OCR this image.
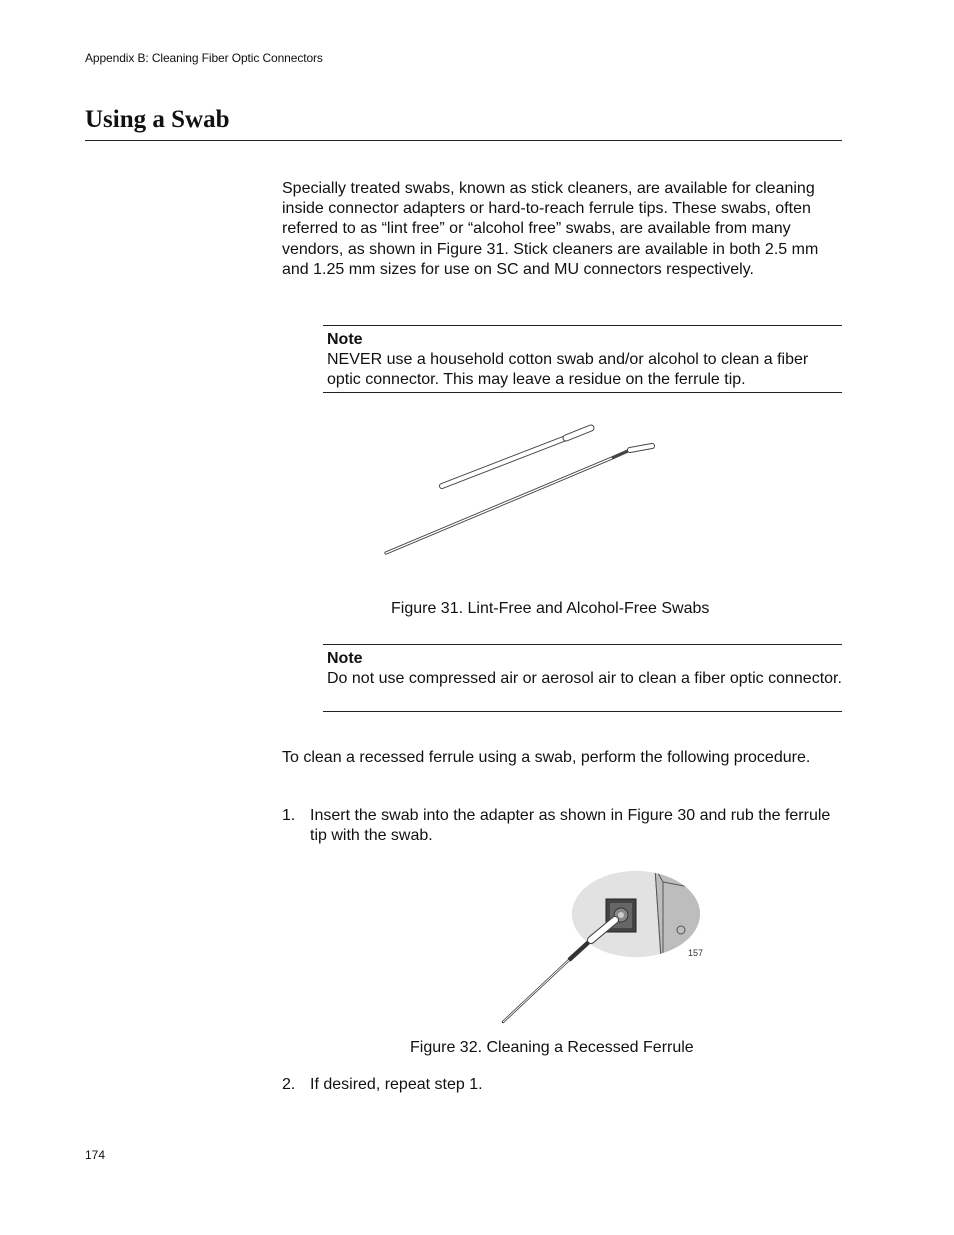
Appendix B: Cleaning Fiber Optic Connectors
Using a Swab
Specially treated swabs, known as stick cleaners, are available for cleaning inside connector adapters or hard-to-reach ferrule tips. These swabs, often referred to as “lint free” or “alcohol free” swabs, are available from many vendors, as shown in Figure 31. Stick cleaners are available in both 2.5 mm and 1.25 mm sizes for use on SC and MU connectors respectively.
Note
NEVER use a household cotton swab and/or alcohol to clean a fiber optic connector. This may leave a residue on the ferrule tip.
Figure 31. Lint-Free and Alcohol-Free Swabs
Note
Do not use compressed air or aerosol air to clean a fiber optic connector.
To clean a recessed ferrule using a swab, perform the following procedure.
1. Insert the swab into the adapter as shown in Figure 30 and rub the ferrule tip with the swab.
157
Figure 32. Cleaning a Recessed Ferrule
2. If desired, repeat step 1.
174
